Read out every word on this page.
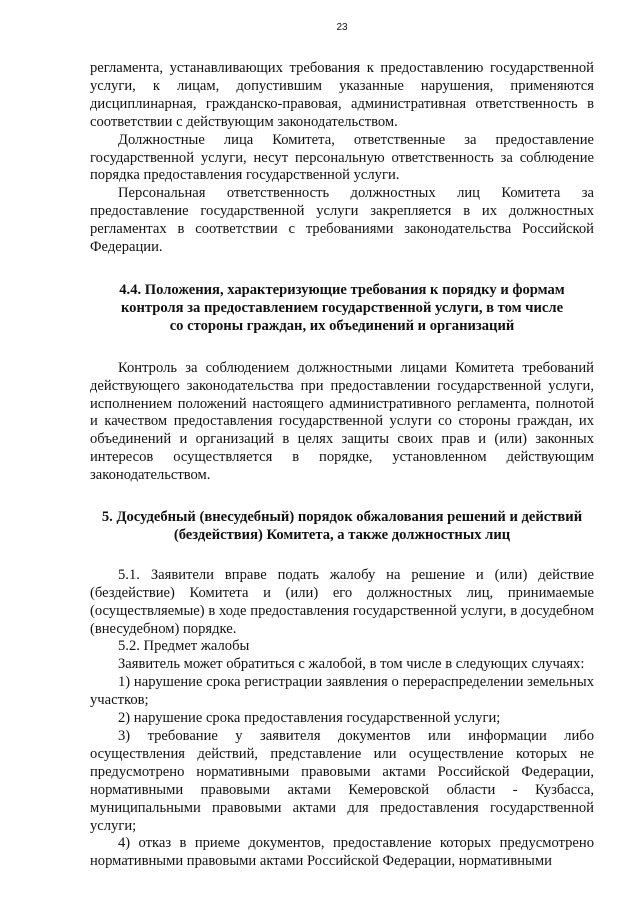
23

регламента, устанавливающих требования к предоставлению государственной услуги, к лицам, допустившим указанные нарушения, применяются дисциплинарная, гражданско-правовая, административная ответственность в соответствии с действующим законодательством.

Должностные лица Комитета, ответственные за предоставление государственной услуги, несут персональную ответственность за соблюдение порядка предоставления государственной услуги.

Персональная ответственность должностных лиц Комитета за предоставление государственной услуги закрепляется в их должностных регламентах в соответствии с требованиями законодательства Российской Федерации.

4.4. Положения, характеризующие требования к порядку и формам контроля за предоставлением государственной услуги, в том числе со стороны граждан, их объединений и организаций

Контроль за соблюдением должностными лицами Комитета требований действующего законодательства при предоставлении государственной услуги, исполнением положений настоящего административного регламента, полнотой и качеством предоставления государственной услуги со стороны граждан, их объединений и организаций в целях защиты своих прав и (или) законных интересов осуществляется в порядке, установленном действующим законодательством.

5. Досудебный (внесудебный) порядок обжалования решений и действий (бездействия) Комитета, а также должностных лиц

5.1. Заявители вправе подать жалобу на решение и (или) действие (бездействие) Комитета и (или) его должностных лиц, принимаемые (осуществляемые) в ходе предоставления государственной услуги, в досудебном (внесудебном) порядке.

5.2. Предмет жалобы

Заявитель может обратиться с жалобой, в том числе в следующих случаях:

1) нарушение срока регистрации заявления о перераспределении земельных участков;

2) нарушение срока предоставления государственной услуги;

3) требование у заявителя документов или информации либо осуществления действий, представление или осуществление которых не предусмотрено нормативными правовыми актами Российской Федерации, нормативными правовыми актами Кемеровской области - Кузбасса, муниципальными правовыми актами для предоставления государственной услуги;

4) отказ в приеме документов, предоставление которых предусмотрено нормативными правовыми актами Российской Федерации, нормативными
